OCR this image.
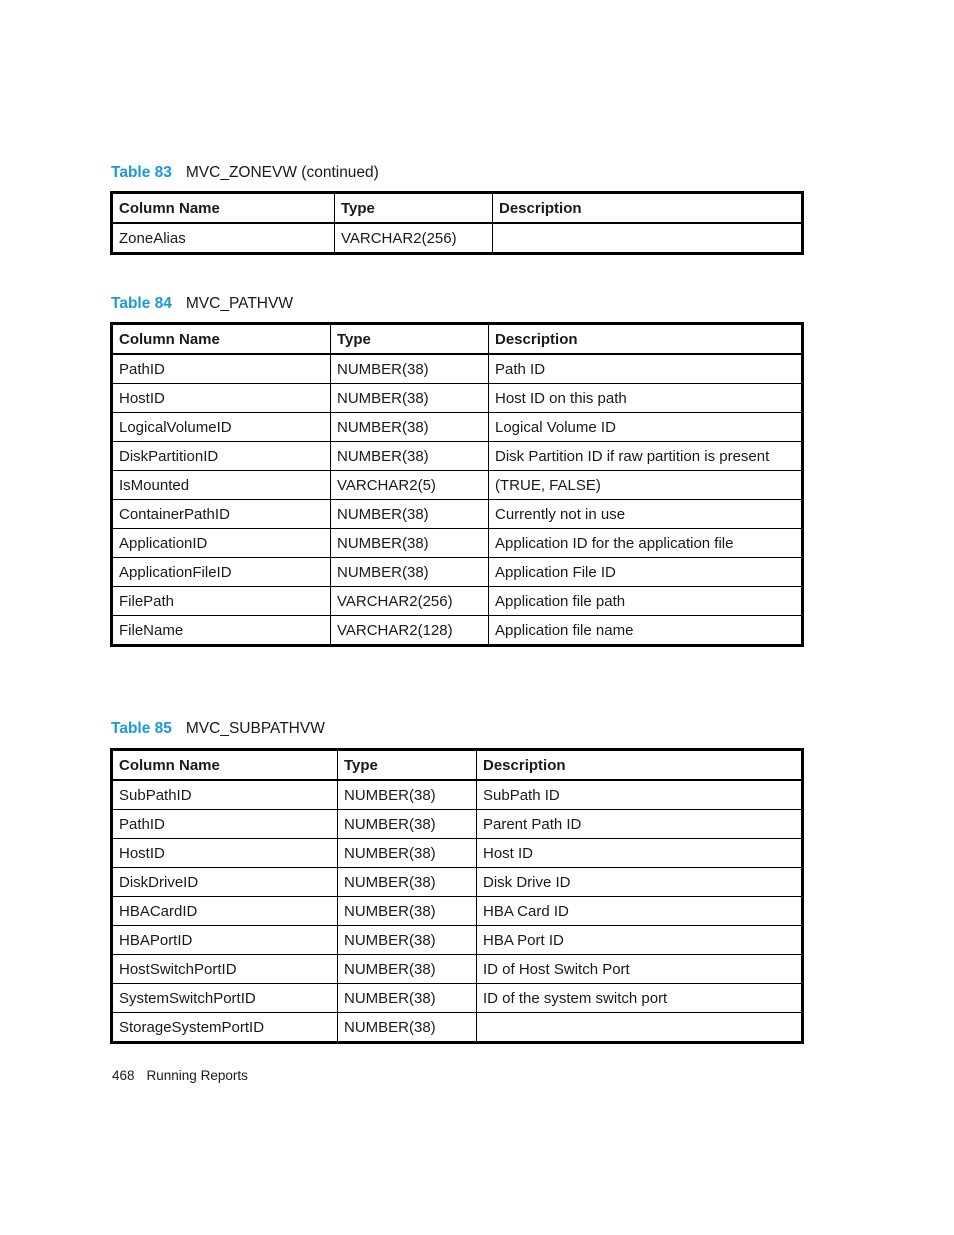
Table 83 MVC_ZONEVW (continued)
Column Name	Type	Description
ZoneAlias	VARCHAR2(256)	
Table 84 MVC_PATHVW
Column Name	Type	Description
PathID	NUMBER(38)	Path ID
HostID	NUMBER(38)	Host ID on this path
LogicalVolumeID	NUMBER(38)	Logical Volume ID
DiskPartitionID	NUMBER(38)	Disk Partition ID if raw partition is present
IsMounted	VARCHAR2(5)	(TRUE, FALSE)
ContainerPathID	NUMBER(38)	Currently not in use
ApplicationID	NUMBER(38)	Application ID for the application file
ApplicationFileID	NUMBER(38)	Application File ID
FilePath	VARCHAR2(256)	Application file path
FileName	VARCHAR2(128)	Application file name
Table 85 MVC_SUBPATHVW
Column Name	Type	Description
SubPathID	NUMBER(38)	SubPath ID
PathID	NUMBER(38)	Parent Path ID
HostID	NUMBER(38)	Host ID
DiskDriveID	NUMBER(38)	Disk Drive ID
HBACardID	NUMBER(38)	HBA Card ID
HBAPortID	NUMBER(38)	HBA Port ID
HostSwitchPortID	NUMBER(38)	ID of Host Switch Port
SystemSwitchPortID	NUMBER(38)	ID of the system switch port
StorageSystemPortID	NUMBER(38)	
468 Running Reports
